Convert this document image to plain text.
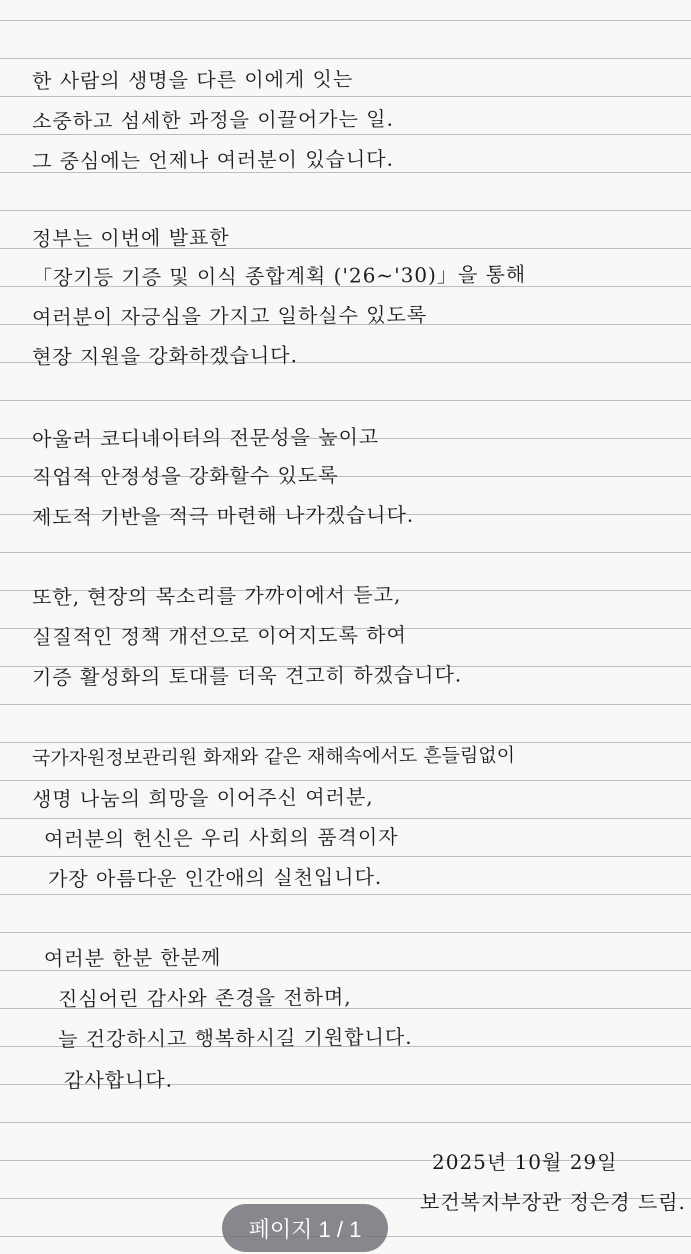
한 사람의 생명을 다른 이에게 잇는
소중하고 섬세한 과정을 이끌어가는 일.
그 중심에는 언제나 여러분이 있습니다.
정부는 이번에 발표한
「장기등 기증 및 이식 종합계획 ('26~'30)」을 통해
여러분이 자긍심을 가지고 일하실수 있도록
현장 지원을 강화하겠습니다.
아울러 코디네이터의 전문성을 높이고
직업적 안정성을 강화할수 있도록
제도적 기반을 적극 마련해 나가겠습니다.
또한, 현장의 목소리를 가까이에서 듣고,
실질적인 정책 개선으로 이어지도록 하여
기증 활성화의 토대를 더욱 견고히 하겠습니다.
국가자원정보관리원 화재와 같은 재해속에서도 흔들림없이
생명 나눔의 희망을 이어주신 여러분,
여러분의 헌신은 우리 사회의 품격이자
가장 아름다운 인간애의 실천입니다.
여러분 한분 한분께
진심어린 감사와 존경을 전하며,
늘 건강하시고 행복하시길 기원합니다.
감사합니다.
2025년 10월 29일
보건복지부장관 정은경 드림.
페이지 1 / 1
